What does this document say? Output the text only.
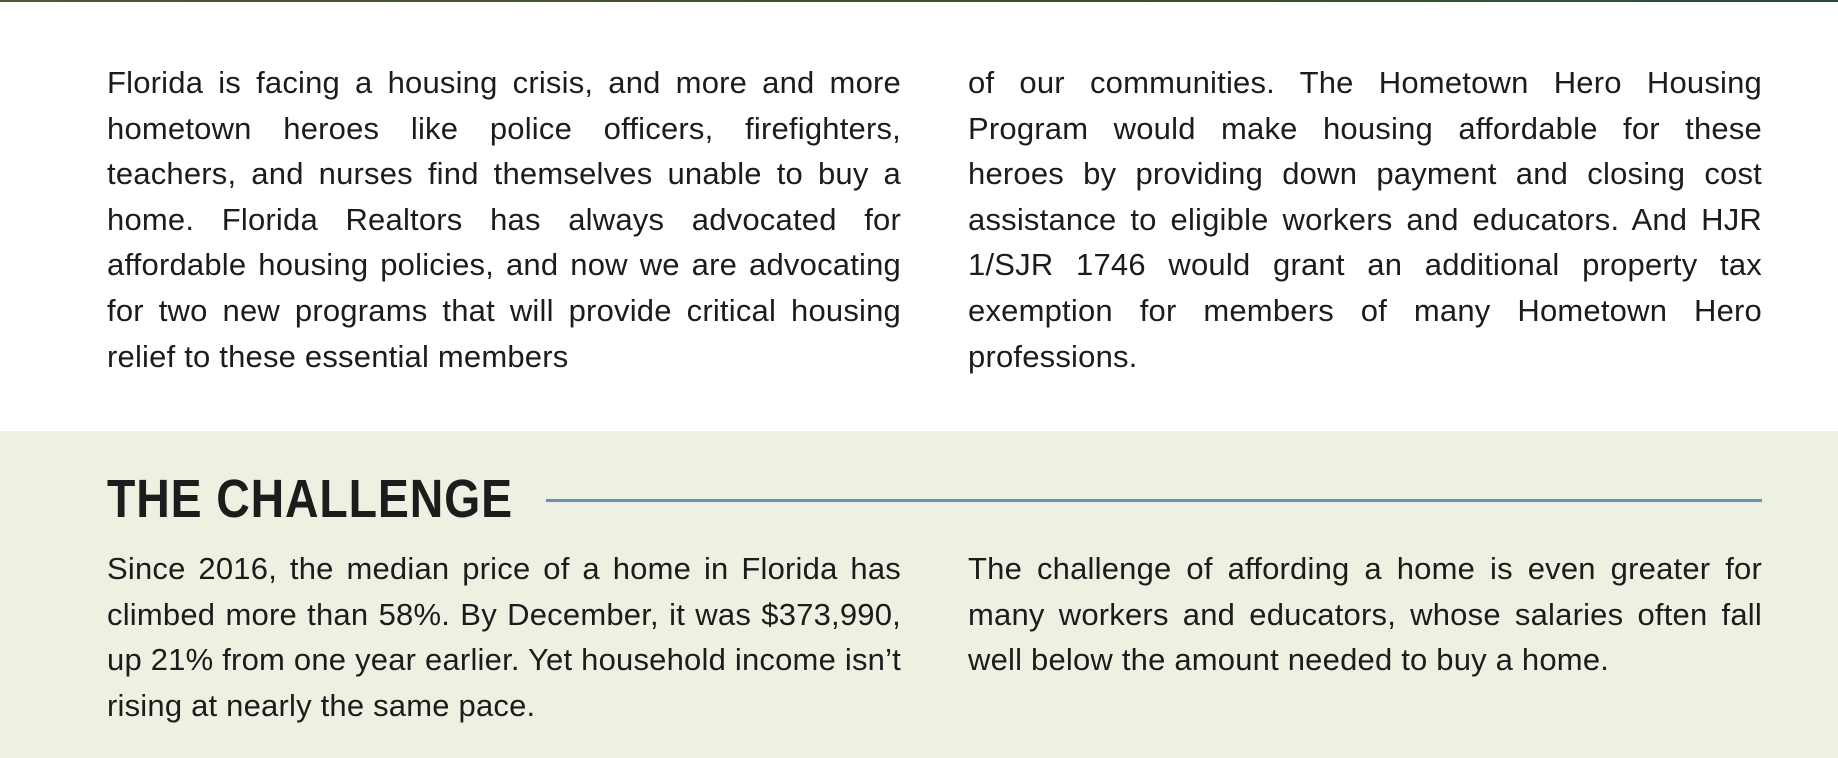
Florida is facing a housing crisis, and more and more hometown heroes like police officers, firefighters, teachers, and nurses find themselves unable to buy a home. Florida Realtors has always advocated for affordable housing policies, and now we are advocating for two new programs that will provide critical housing relief to these essential members

of our communities. The Hometown Hero Housing Program would make housing affordable for these heroes by providing down payment and closing cost assistance to eligible workers and educators. And HJR 1/SJR 1746 would grant an additional property tax exemption for members of many Hometown Hero professions.

THE CHALLENGE

Since 2016, the median price of a home in Florida has climbed more than 58%. By December, it was $373,990, up 21% from one year earlier. Yet household income isn’t rising at nearly the same pace.

The challenge of affording a home is even greater for many workers and educators, whose salaries often fall well below the amount needed to buy a home.
